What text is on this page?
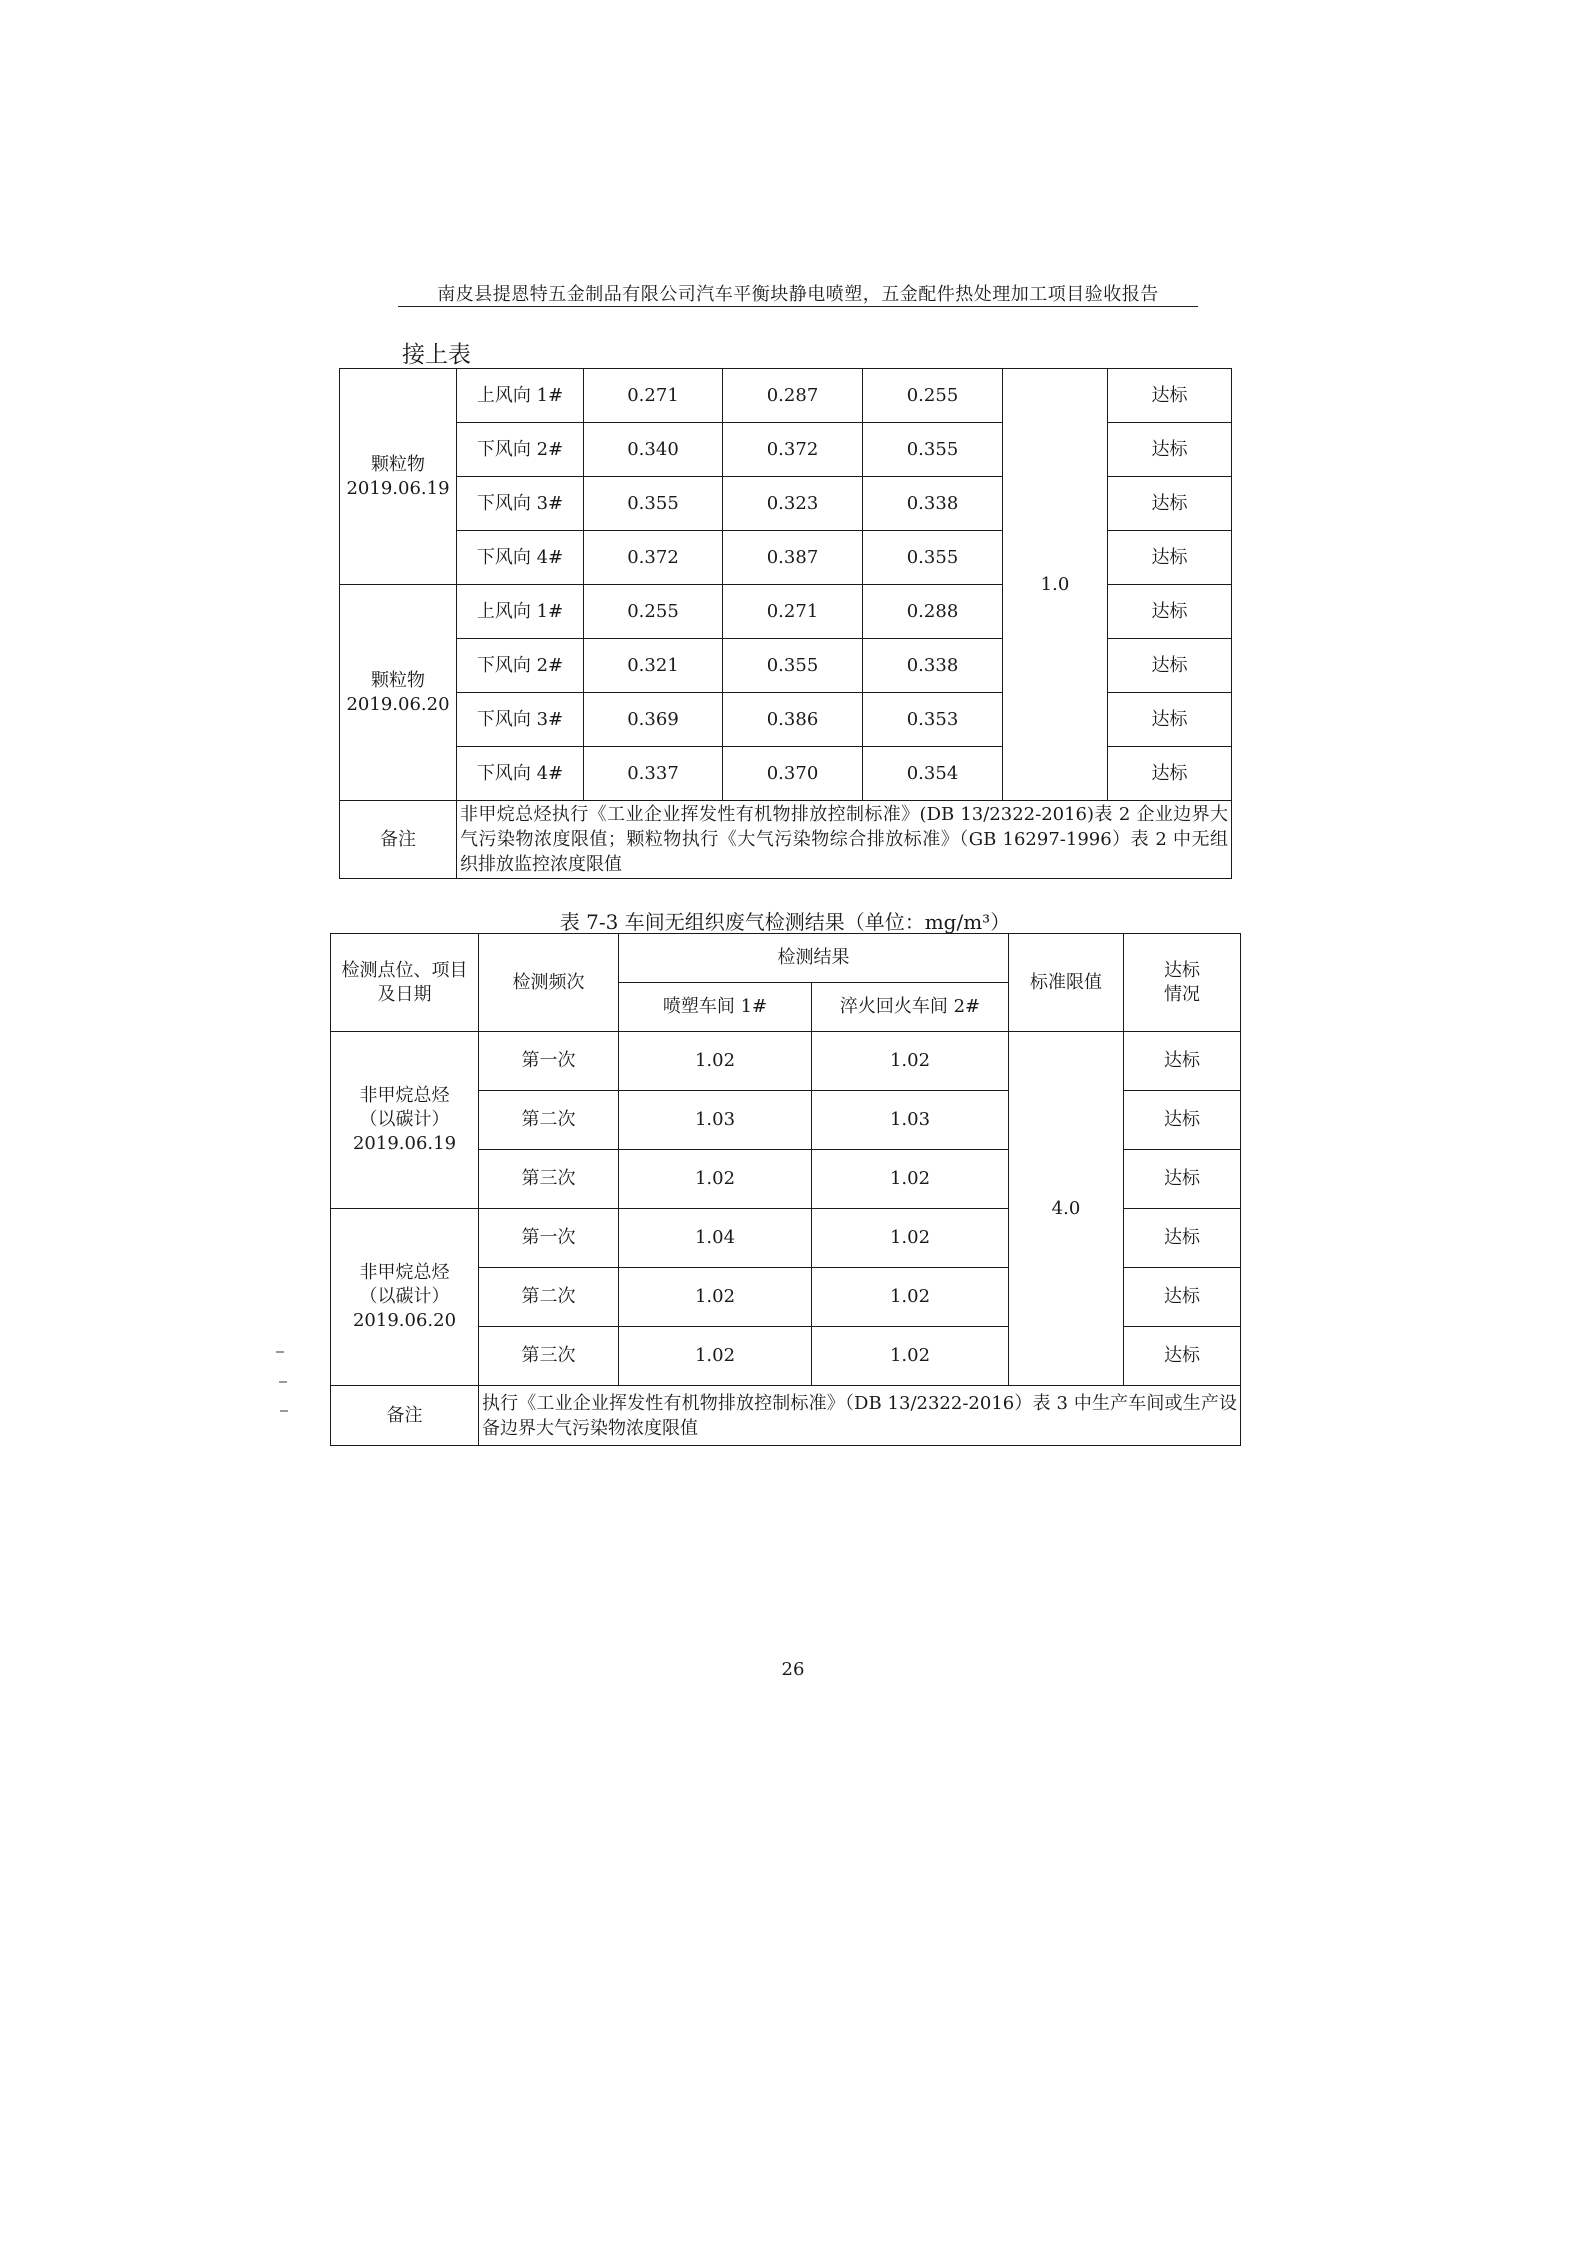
南皮县提恩特五金制品有限公司汽车平衡块静电喷塑，五金配件热处理加工项目验收报告
接上表
颗粒物
2019.06.19	上风向 1#	0.271	0.287	0.255	1.0	达标
	下风向 2#	0.340	0.372	0.355		达标
	下风向 3#	0.355	0.323	0.338		达标
	下风向 4#	0.372	0.387	0.355		达标

颗粒物
2019.06.20	上风向 1#	0.255	0.271	0.288		达标
	下风向 2#	0.321	0.355	0.338		达标
	下风向 3#	0.369	0.386	0.353		达标
	下风向 4#	0.337	0.370	0.354		达标
备注	非甲烷总烃执行《工业企业挥发性有机物排放控制标准》(DB 13/2322-2016)表 2 企业边界大气污染物浓度限值；颗粒物执行《大气污染物综合排放标准》（GB 16297-1996）表 2 中无组织排放监控浓度限值					
表 7-3 车间无组织废气检测结果（单位：mg/m³）
检测点位、项目
及日期	检测频次	检测结果		标准限值	达标
情况
		喷塑车间 1#	淬火回火车间 2#		
非甲烷总烃
（以碳计）
2019.06.19	第一次	1.02	1.02	4.0	达标
	第二次	1.03	1.03		达标
	第三次	1.02	1.02		达标
非甲烷总烃
（以碳计）
2019.06.20	第一次	1.04	1.02		达标
	第二次	1.02	1.02		达标
	第三次	1.02	1.02		达标
备注	执行《工业企业挥发性有机物排放控制标准》（DB 13/2322-2016）表 3 中生产车间或生产设备边界大气污染物浓度限值				
26
